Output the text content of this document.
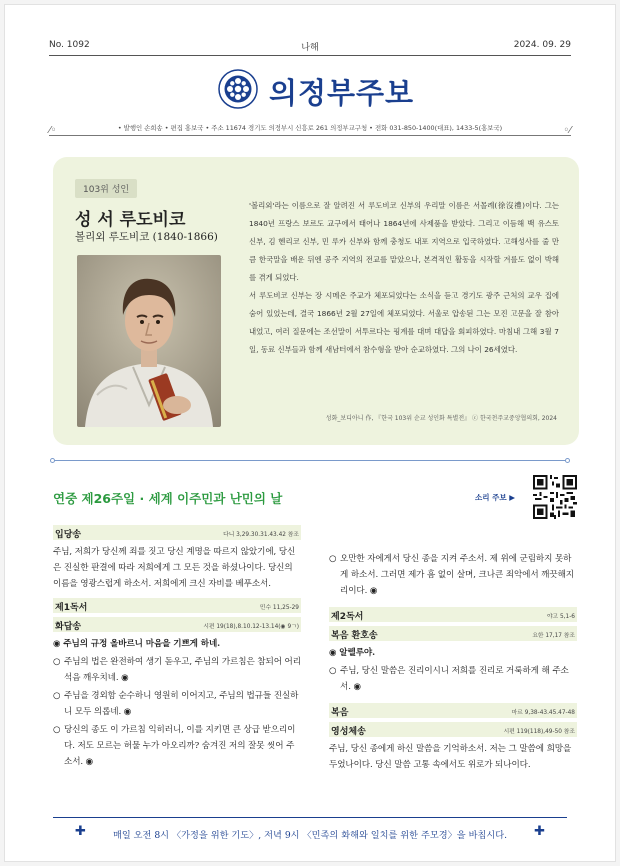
No. 1092	나해	2024. 09. 29
의정부주보
⁄◦	• 발행인 손희송 • 편집 홍보국 • 주소 11674 경기도 의정부시 신흥로 261 의정부교구청 • 전화 031-850-1400(대표), 1433-5(홍보국)	◦⁄
103위 성인
성 서 루도비코
볼리외 루도비코 (1840-1866)

'볼리외'라는 이름으로 잘 알려진 서 루도비코 신부의 우리말 이름은 서몰례(徐沒禮)이다. 그는 1840년 프랑스 보르도 교구에서 태어나 1864년에 사제품을 받았다. 그리고 이듬해 백 유스토 신부, 김 헨리코 신부, 민 루카 신부와 함께 충청도 내포 지역으로 입국하였다. 고해성사를 줄 만큼 한국말을 배운 뒤엔 공주 지역의 전교를 맡았으나, 본격적인 활동을 시작할 겨를도 없이 박해를 겪게 되었다.

서 루도비코 신부는 장 시메온 주교가 체포되었다는 소식을 듣고 경기도 광주 근처의 교우 집에 숨어 있었는데, 결국 1866년 2월 27일에 체포되었다. 서울로 압송된 그는 모진 고문을 잘 참아 내었고, 여러 질문에는 조선말이 서투르다는 핑계를 대며 대답을 회피하였다. 마침내 그해 3월 7일, 동료 신부들과 함께 새남터에서 참수형을 받아 순교하였다. 그의 나이 26세였다.

성화_보디아니 作, 『한국 103위 순교 성인화 특별전』 ⓒ 한국천주교중앙협의회, 2024
연중 제26주일 · 세계 이주민과 난민의 날	소리 주보 ▶
입당송	다니 3,29.30.31.43.42 참조
주님, 저희가 당신께 죄를 짓고 당신 계명을 따르지 않았기에, 당신은 진실한 판결에 따라 저희에게 그 모든 것을 하셨나이다. 당신의 이름을 영광스럽게 하소서. 저희에게 크신 자비를 베푸소서.
제1독서	민수 11,25-29
화답송	시편 19(18),8.10.12-13.14(◉ 9ㄱ)
◉ 주님의 규정 올바르니 마음을 기쁘게 하네.
○ 주님의 법은 완전하여 생기 돋우고, 주님의 가르침은 참되어 어리석음 깨우치네. ◉
○ 주님을 경외함 순수하니 영원히 이어지고, 주님의 법규들 진실하니 모두 의롭네. ◉
○ 당신의 종도 이 가르침 익히러니, 이를 지키면 큰 상급 받으리이다. 저도 모르는 허물 누가 아오리까? 숨겨진 저의 잘못 씻어 주소서. ◉
○ 오만한 자에게서 당신 종을 지켜 주소서. 제 위에 군림하지 못하게 하소서. 그러면 제가 흠 없이 살며, 크나큰 죄악에서 깨끗해지리이다. ◉
제2독서	야고 5,1-6
복음 환호송	요한 17,17 참조
◉ 알렐루야.
○ 주님, 당신 말씀은 진리이시니 저희를 진리로 거룩하게 해 주소서. ◉
복음	마르 9,38-43.45.47-48
영성체송	시편 119(118),49-50 참조
주님, 당신 종에게 하신 말씀을 기억하소서. 저는 그 말씀에 희망을 두었나이다. 당신 말씀 고통 속에서도 위로가 되나이다.
✚	매일 오전 8시 〈가정을 위한 기도〉, 저녁 9시 〈민족의 화해와 일치를 위한 주모경〉을 바칩시다.	✚
